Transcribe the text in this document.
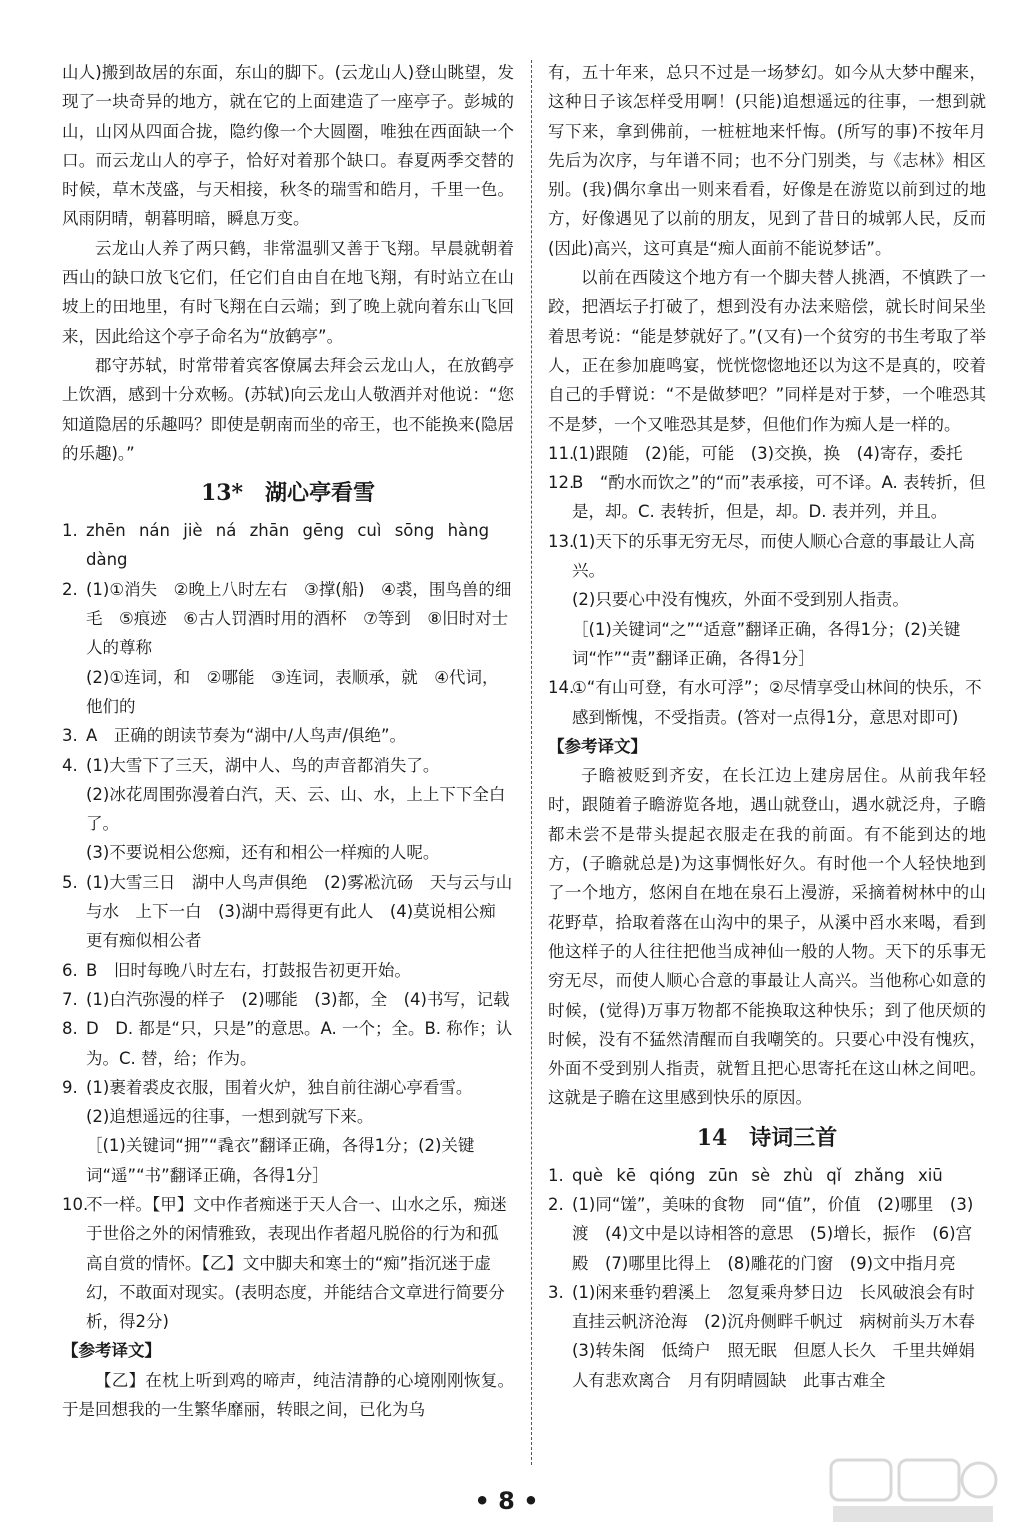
山人)搬到故居的东面，东山的脚下。(云龙山人)登山眺望，发现了一块奇异的地方，就在它的上面建造了一座亭子。彭城的山，山冈从四面合拢，隐约像一个大圆圈，唯独在西面缺一个口。而云龙山人的亭子，恰好对着那个缺口。春夏两季交替的时候，草木茂盛，与天相接，秋冬的瑞雪和皓月，千里一色。风雨阴晴，朝暮明暗，瞬息万变。

云龙山人养了两只鹤，非常温驯又善于飞翔。早晨就朝着西山的缺口放飞它们，任它们自由自在地飞翔，有时站立在山坡上的田地里，有时飞翔在白云端；到了晚上就向着东山飞回来，因此给这个亭子命名为“放鹤亭”。

郡守苏轼，时常带着宾客僚属去拜会云龙山人，在放鹤亭上饮酒，感到十分欢畅。(苏轼)向云龙山人敬酒并对他说：“您知道隐居的乐趣吗？即使是朝南而坐的帝王，也不能换来(隐居的乐趣)。”

13*　湖心亭看雪

1. zhēn nán jiè ná zhān gēng cuì sōng hàng dàng

2. (1)①消失　②晚上八时左右　③撑(船)　④裘，围鸟兽的细毛　⑤痕迹　⑥古人罚酒时用的酒杯　⑦等到　⑧旧时对士人的尊称

(2)①连词，和　②哪能　③连词，表顺承，就　④代词，他们的

3. A　正确的朗读节奏为“湖中/人鸟声/俱绝”。

4. (1)大雪下了三天，湖中人、鸟的声音都消失了。

(2)冰花周围弥漫着白汽，天、云、山、水，上上下下全白了。

(3)不要说相公您痴，还有和相公一样痴的人呢。

5. (1)大雪三日　湖中人鸟声俱绝　(2)雾凇沆砀　天与云与山与水　上下一白　(3)湖中焉得更有此人　(4)莫说相公痴　更有痴似相公者

6. B　旧时每晚八时左右，打鼓报告初更开始。

7. (1)白汽弥漫的样子　(2)哪能　(3)都，全　(4)书写，记载

8. D　D. 都是“只，只是”的意思。A. 一个；全。B. 称作；认为。C. 替，给；作为。

9. (1)裹着裘皮衣服，围着火炉，独自前往湖心亭看雪。

(2)追想遥远的往事，一想到就写下来。

［(1)关键词“拥”“毳衣”翻译正确，各得1分；(2)关键词“遥”“书”翻译正确，各得1分］

10.不一样。【甲】文中作者痴迷于天人合一、山水之乐，痴迷于世俗之外的闲情雅致，表现出作者超凡脱俗的行为和孤高自赏的情怀。【乙】文中脚夫和寒士的“痴”指沉迷于虚幻，不敢面对现实。(表明态度，并能结合文章进行简要分析，得2分)

【参考译文】

【乙】在枕上听到鸡的啼声，纯洁清静的心境刚刚恢复。于是回想我的一生繁华靡丽，转眼之间，已化为乌

有，五十年来，总只不过是一场梦幻。如今从大梦中醒来，这种日子该怎样受用啊！(只能)追想遥远的往事，一想到就写下来，拿到佛前，一桩桩地来忏悔。(所写的事)不按年月先后为次序，与年谱不同；也不分门别类，与《志林》相区别。(我)偶尔拿出一则来看看，好像是在游览以前到过的地方，好像遇见了以前的朋友，见到了昔日的城郭人民，反而(因此)高兴，这可真是“痴人面前不能说梦话”。

以前在西陵这个地方有一个脚夫替人挑酒，不慎跌了一跤，把酒坛子打破了，想到没有办法来赔偿，就长时间呆坐着思考说：“能是梦就好了。”(又有)一个贫穷的书生考取了举人，正在参加鹿鸣宴，恍恍惚惚地还以为这不是真的，咬着自己的手臂说：“不是做梦吧？”同样是对于梦，一个唯恐其不是梦，一个又唯恐其是梦，但他们作为痴人是一样的。

11.(1)跟随　(2)能，可能　(3)交换，换　(4)寄存，委托

12.B　“酌水而饮之”的“而”表承接，可不译。A. 表转折，但是，却。C. 表转折，但是，却。D. 表并列，并且。

13.(1)天下的乐事无穷无尽，而使人顺心合意的事最让人高兴。

(2)只要心中没有愧疚，外面不受到别人指责。

［(1)关键词“之”“适意”翻译正确，各得1分；(2)关键词“怍”“责”翻译正确，各得1分］

14.①“有山可登，有水可浮”；②尽情享受山林间的快乐，不感到惭愧，不受指责。(答对一点得1分，意思对即可)

【参考译文】

子瞻被贬到齐安，在长江边上建房居住。从前我年轻时，跟随着子瞻游览各地，遇山就登山，遇水就泛舟，子瞻都未尝不是带头提起衣服走在我的前面。有不能到达的地方，(子瞻就总是)为这事惆怅好久。有时他一个人轻快地到了一个地方，悠闲自在地在泉石上漫游，采摘着树林中的山花野草，拾取着落在山沟中的果子，从溪中舀水来喝，看到他这样子的人往往把他当成神仙一般的人物。天下的乐事无穷无尽，而使人顺心合意的事最让人高兴。当他称心如意的时候，(觉得)万事万物都不能换取这种快乐；到了他厌烦的时候，没有不猛然清醒而自我嘲笑的。只要心中没有愧疚，外面不受到别人指责，就暂且把心思寄托在这山林之间吧。这就是子瞻在这里感到快乐的原因。

14　诗词三首

1. què kē qióng zūn sè zhù qǐ zhǎng xiū

2. (1)同“馐”，美味的食物　同“值”，价值　(2)哪里　(3)渡　(4)文中是以诗相答的意思　(5)增长，振作　(6)宫殿　(7)哪里比得上　(8)雕花的门窗　(9)文中指月亮

3. (1)闲来垂钓碧溪上　忽复乘舟梦日边　长风破浪会有时　直挂云帆济沧海　(2)沉舟侧畔千帆过　病树前头万木春　(3)转朱阁　低绮户　照无眠　但愿人长久　千里共婵娟　人有悲欢离合　月有阴晴圆缺　此事古难全

• 8 •
